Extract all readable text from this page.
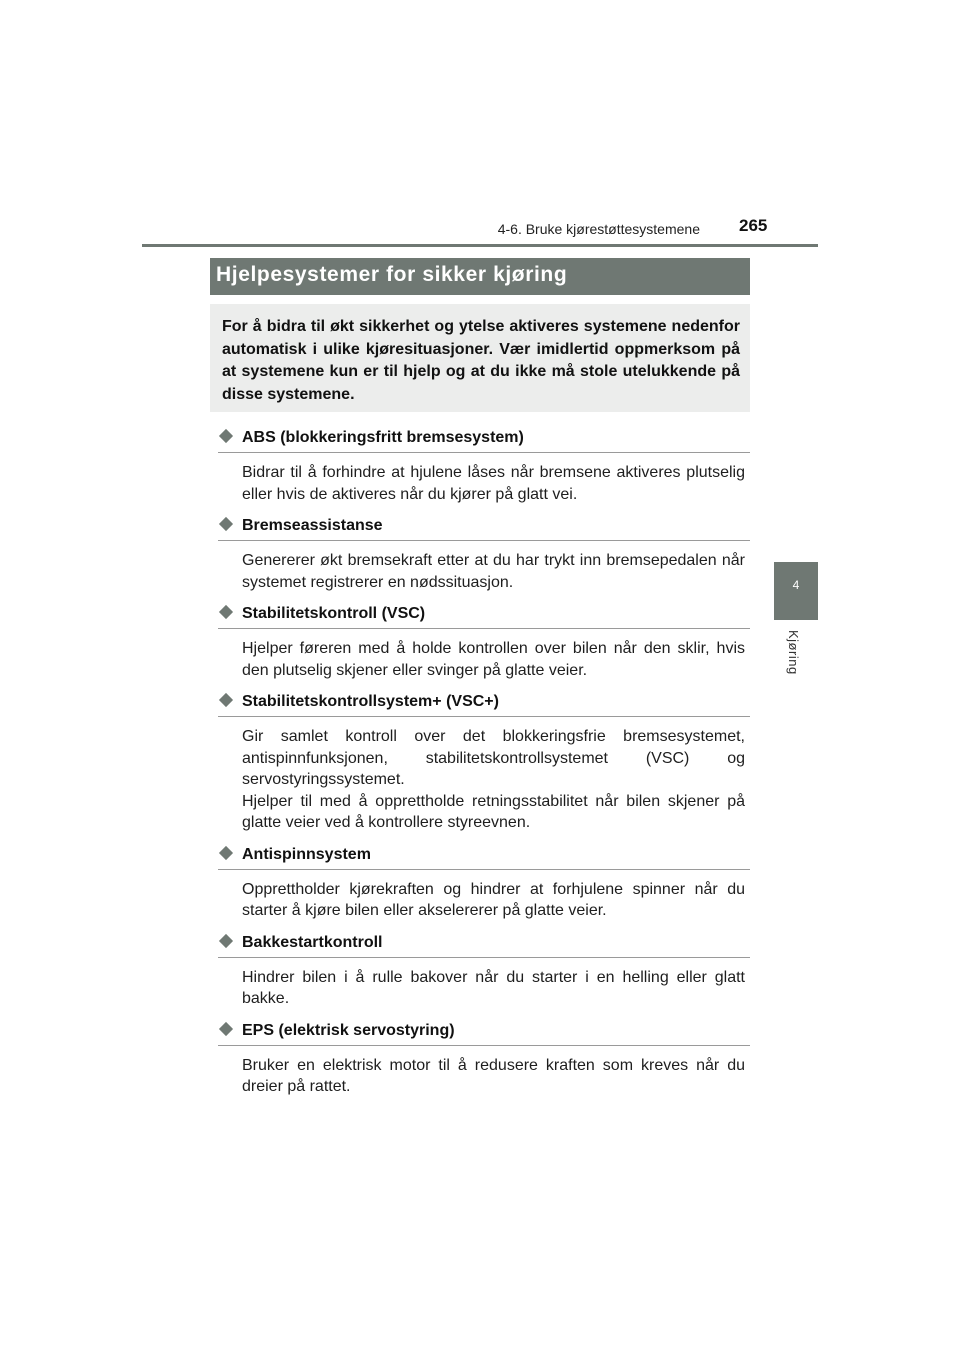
4-6. Bruke kjørestøttesystemene 265
4
Kjøring
Hjelpesystemer for sikker kjøring

For å bidra til økt sikkerhet og ytelse aktiveres systemene nedenfor automatisk i ulike kjøresituasjoner. Vær imidlertid oppmerksom på at systemene kun er til hjelp og at du ikke må stole utelukkende på disse systemene.

ABS (blokkeringsfritt bremsesystem)

Bidrar til å forhindre at hjulene låses når bremsene aktiveres plutselig eller hvis de aktiveres når du kjører på glatt vei.

Bremseassistanse

Genererer økt bremsekraft etter at du har trykt inn bremsepedalen når systemet registrerer en nødssituasjon.

Stabilitetskontroll (VSC)

Hjelper føreren med å holde kontrollen over bilen når den sklir, hvis den plutselig skjener eller svinger på glatte veier.

Stabilitetskontrollsystem+ (VSC+)

Gir samlet kontroll over det blokkeringsfrie bremsesystemet, antispinnfunksjonen, stabilitetskontrollsystemet (VSC) og servostyringssystemet.

Hjelper til med å opprettholde retningsstabilitet når bilen skjener på glatte veier ved å kontrollere styreevnen.

Antispinnsystem

Opprettholder kjørekraften og hindrer at forhjulene spinner når du starter å kjøre bilen eller akselererer på glatte veier.

Bakkestartkontroll

Hindrer bilen i å rulle bakover når du starter i en helling eller glatt bakke.

EPS (elektrisk servostyring)

Bruker en elektrisk motor til å redusere kraften som kreves når du dreier på rattet.
